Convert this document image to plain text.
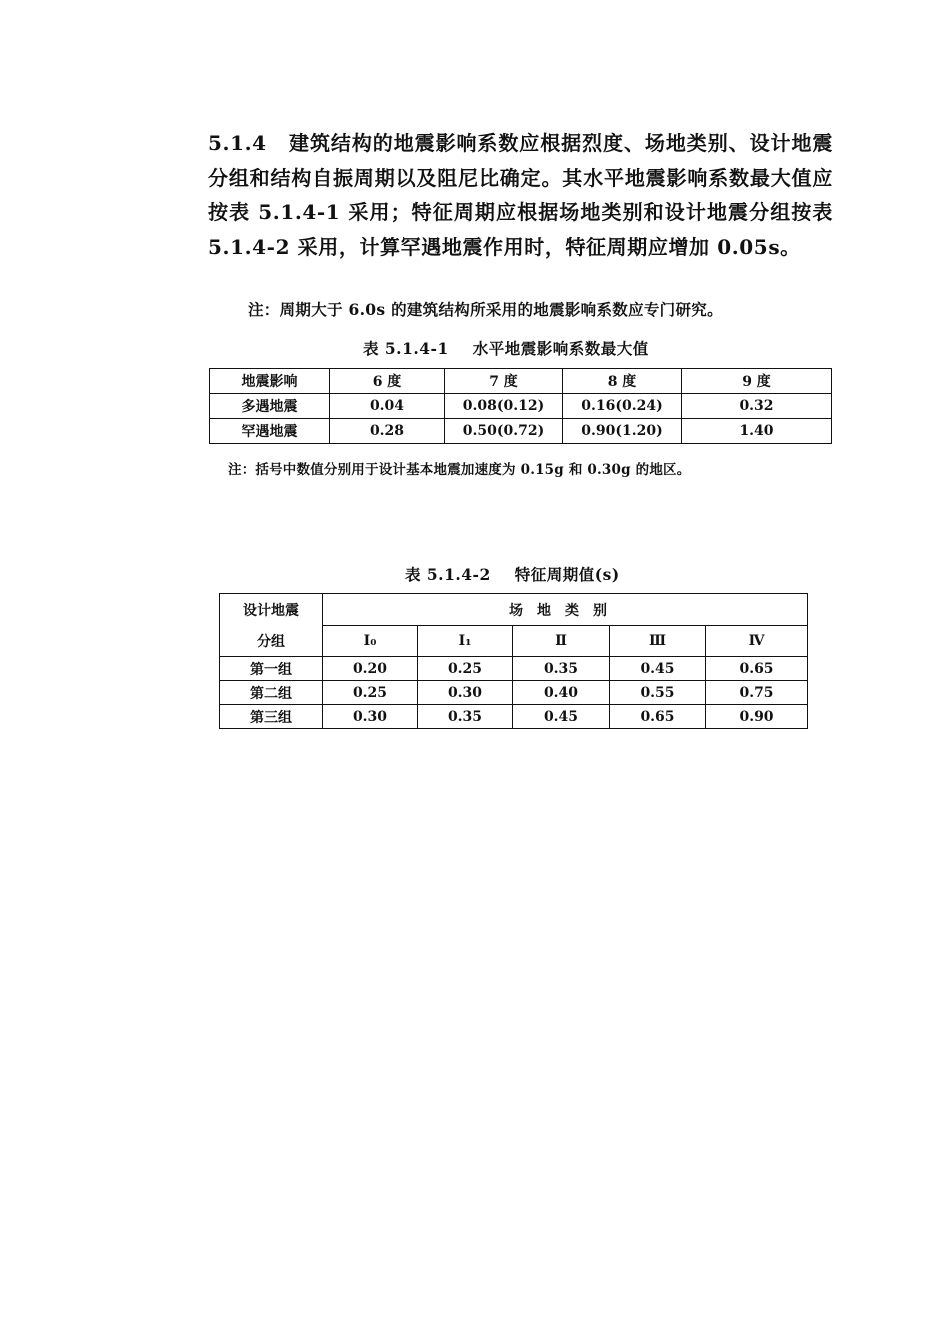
5.1.4 建筑结构的地震影响系数应根据烈度、场地类别、设计地震分组和结构自振周期以及阻尼比确定。其水平地震影响系数最大值应按表 5.1.4-1 采用；特征周期应根据场地类别和设计地震分组按表 5.1.4-2 采用，计算罕遇地震作用时，特征周期应增加 0.05s。
注：周期大于 6.0s 的建筑结构所采用的地震影响系数应专门研究。
表 5.1.4-1 水平地震影响系数最大值
地震影响	6 度	7 度	8 度	9 度
多遇地震	0.04	0.08(0.12)	0.16(0.24)	0.32
罕遇地震	0.28	0.50(0.72)	0.90(1.20)	1.40
注：括号中数值分别用于设计基本地震加速度为 0.15g 和 0.30g 的地区。
表 5.1.4-2 特征周期值(s)
设计地震	场地类别				
分组	I₀	I₁	Ⅱ	Ⅲ	Ⅳ
第一组	0.20	0.25	0.35	0.45	0.65
第二组	0.25	0.30	0.40	0.55	0.75
第三组	0.30	0.35	0.45	0.65	0.90
